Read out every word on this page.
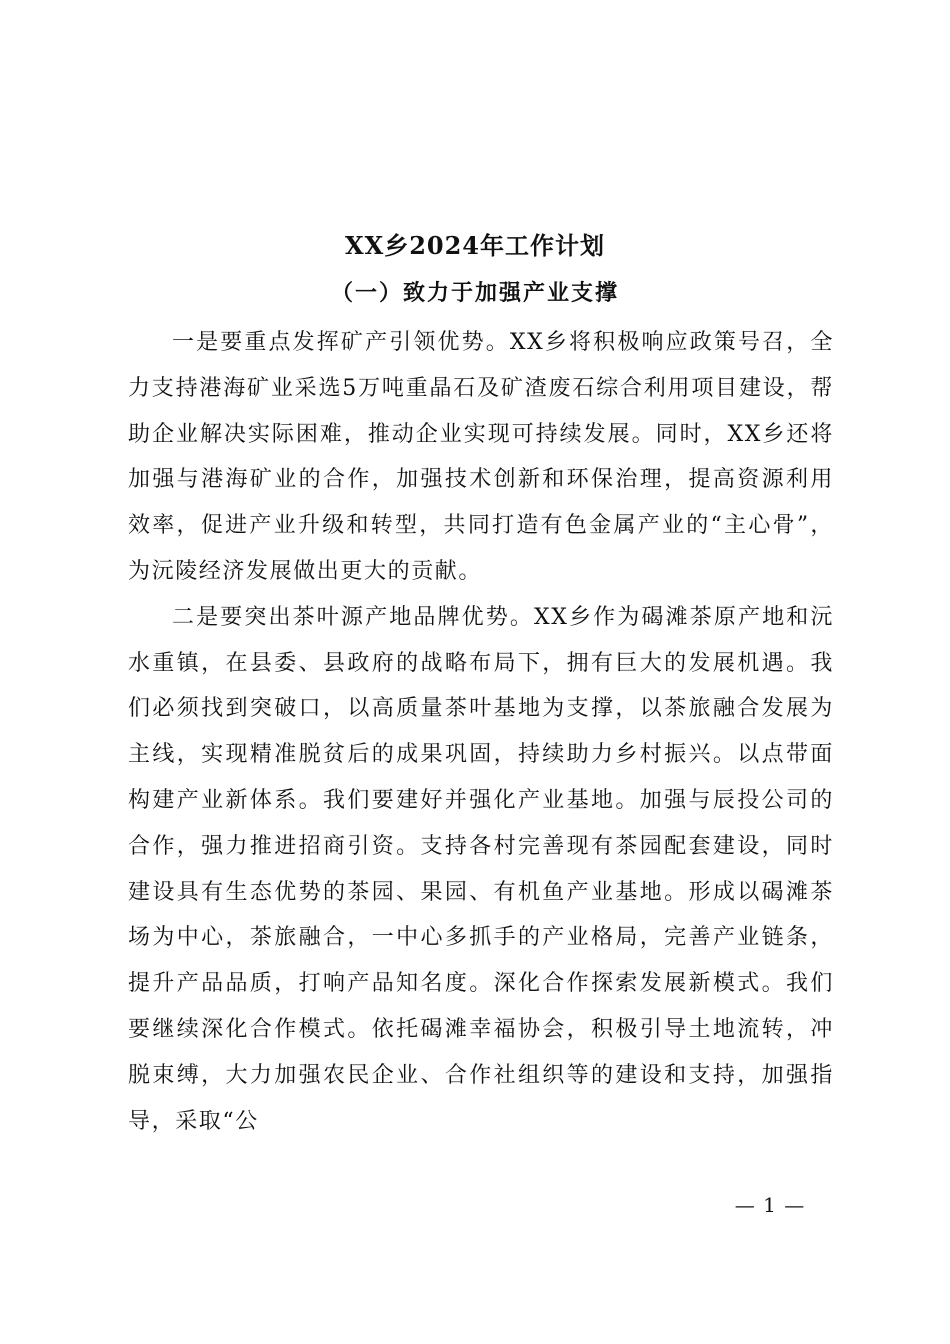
XX乡2024年工作计划
（一）致力于加强产业支撑

一是要重点发挥矿产引领优势。XX乡将积极响应政策号召，全力支持港海矿业采选5万吨重晶石及矿渣废石综合利用项目建设，帮助企业解决实际困难，推动企业实现可持续发展。同时，XX乡还将加强与港海矿业的合作，加强技术创新和环保治理，提高资源利用效率，促进产业升级和转型，共同打造有色金属产业的“主心骨”，为沅陵经济发展做出更大的贡献。

二是要突出茶叶源产地品牌优势。XX乡作为碣滩茶原产地和沅水重镇，在县委、县政府的战略布局下，拥有巨大的发展机遇。我们必须找到突破口，以高质量茶叶基地为支撑，以茶旅融合发展为主线，实现精准脱贫后的成果巩固，持续助力乡村振兴。以点带面构建产业新体系。我们要建好并强化产业基地。加强与辰投公司的合作，强力推进招商引资。支持各村完善现有茶园配套建设，同时建设具有生态优势的茶园、果园、有机鱼产业基地。形成以碣滩茶场为中心，茶旅融合，一中心多抓手的产业格局，完善产业链条，提升产品品质，打响产品知名度。深化合作探索发展新模式。我们要继续深化合作模式。依托碣滩幸福协会，积极引导土地流转，冲脱束缚，大力加强农民企业、合作社组织等的建设和支持，加强指导，采取“公

— 1 —
